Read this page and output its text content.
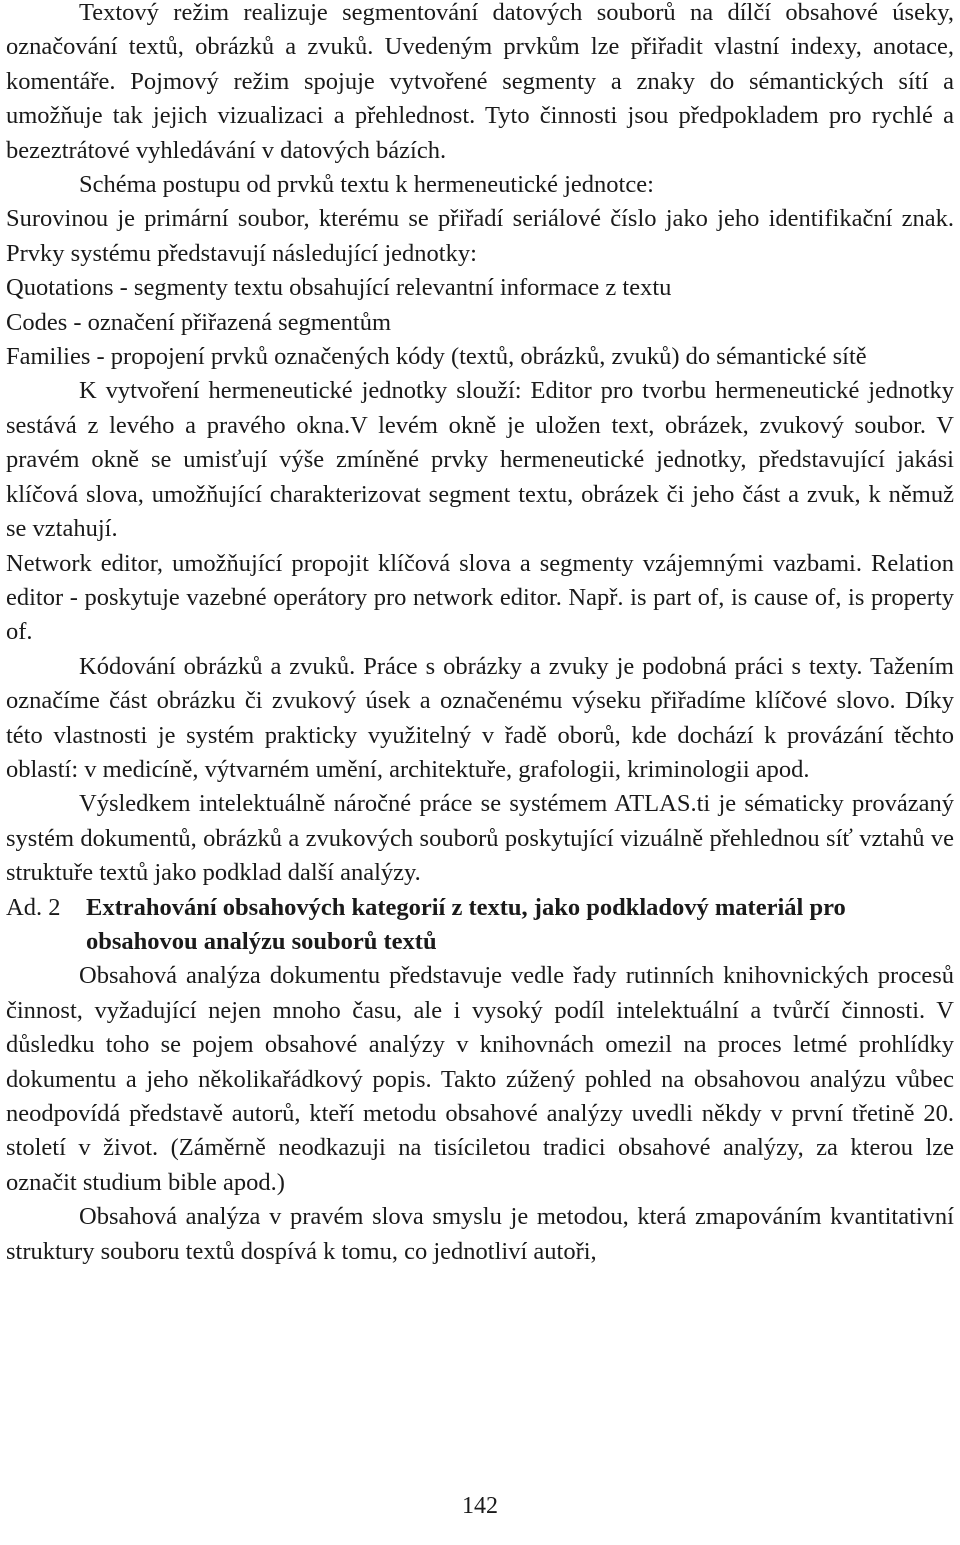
Textový režim realizuje segmentování datových souborů na dílčí obsahové úseky, označování textů, obrázků a zvuků. Uvedeným prvkům lze přiřadit vlastní indexy, anotace, komentáře. Pojmový režim spojuje vytvořené segmenty a znaky do sémantických sítí a umožňuje tak jejich vizualizaci a přehlednost. Tyto činnosti jsou předpokladem pro rychlé a bezeztrátové vyhledávání v datových bázích.

Schéma postupu od prvků textu k hermeneutické jednotce:

Surovinou je primární soubor, kterému se přiřadí seriálové číslo jako jeho identifikační znak. Prvky systému představují následující jednotky:

Quotations - segmenty textu obsahující relevantní informace z textu

Codes - označení přiřazená segmentům

Families - propojení prvků označených kódy (textů, obrázků, zvuků) do sémantické sítě

K vytvoření hermeneutické jednotky slouží: Editor pro tvorbu hermeneutické jednotky sestává z levého a pravého okna.V levém okně je uložen text, obrázek, zvukový soubor. V pravém okně se umisťují výše zmíněné prvky hermeneutické jednotky, představující jakási klíčová slova, umožňující charakterizovat segment textu, obrázek či jeho část a zvuk, k němuž se vztahují.

Network editor, umožňující propojit klíčová slova a segmenty vzájemnými vazbami. Relation editor - poskytuje vazebné operátory pro network editor. Např. is part of, is cause of, is property of.

Kódování obrázků a zvuků. Práce s obrázky a zvuky je podobná práci s texty. Tažením označíme část obrázku či zvukový úsek a označenému výseku přiřadíme klíčové slovo. Díky této vlastnosti je systém prakticky využitelný v řadě oborů, kde dochází k provázání těchto oblastí: v medicíně, výtvarném umění, architektuře, grafologii, kriminologii apod.

Výsledkem intelektuálně náročné práce se systémem ATLAS.ti je sématicky provázaný systém dokumentů, obrázků a zvukových souborů poskytující vizuálně přehlednou síť vztahů ve struktuře textů jako podklad další analýzy.

Ad. 2	Extrahování obsahových kategorií z textu, jako podkladový materiál pro obsahovou analýzu souborů textů

Obsahová analýza dokumentu představuje vedle řady rutinních knihovnických procesů činnost, vyžadující nejen mnoho času, ale i vysoký podíl intelektuální a tvůrčí činnosti. V důsledku toho se pojem obsahové analýzy v knihovnách omezil na proces letmé prohlídky dokumentu a jeho několikařádkový popis. Takto zúžený pohled na obsahovou analýzu vůbec neodpovídá představě autorů, kteří metodu obsahové analýzy uvedli někdy v první třetině 20. století v život. (Záměrně neodkazuji na tisíciletou tradici obsahové analýzy, za kterou lze označit studium bible apod.)

Obsahová analýza v pravém slova smyslu je metodou, která zmapováním kvantitativní struktury souboru textů dospívá k tomu, co jednotliví autoři,

142
